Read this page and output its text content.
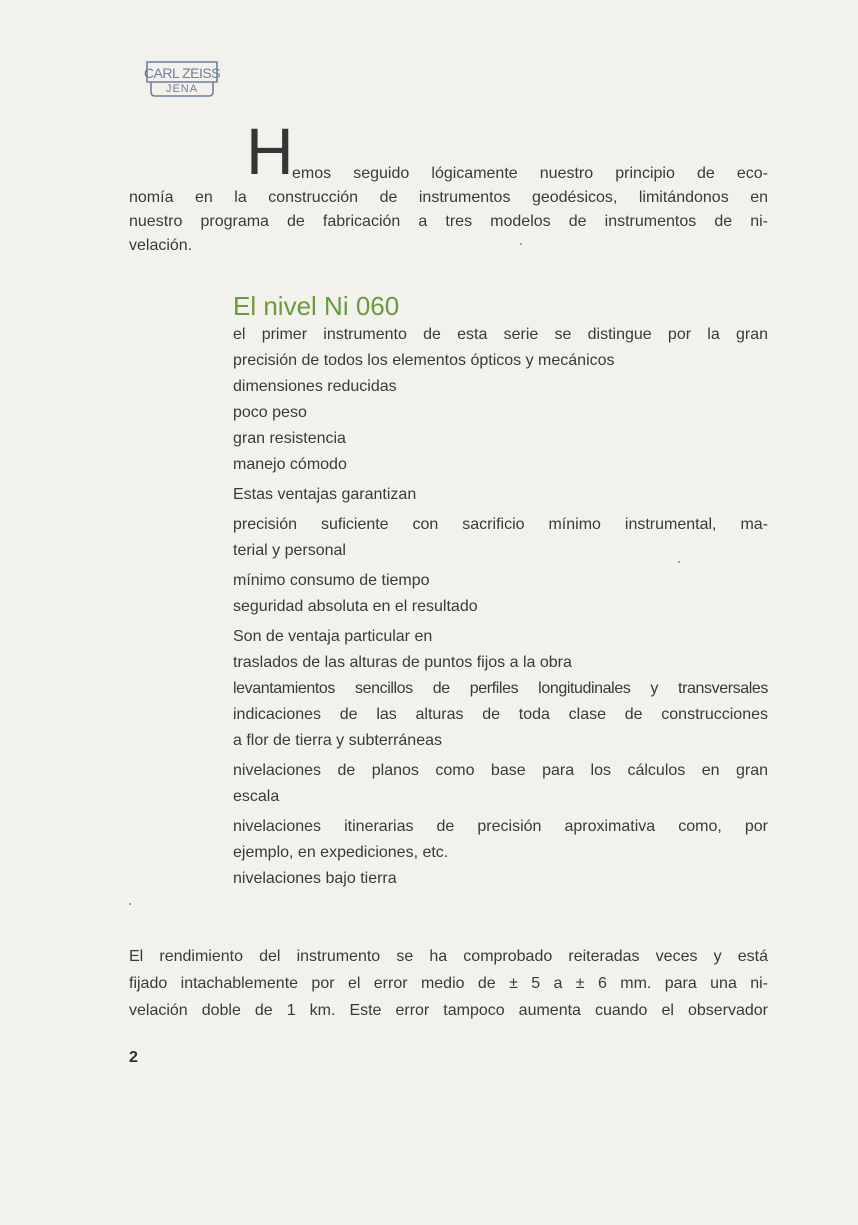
CARL ZEISS
JENA
H
emos seguido lógicamente nuestro principio de eco-
nomía en la construcción de instrumentos geodésicos, limitándonos en
nuestro programa de fabricación a tres modelos de instrumentos de ni-
velación.
El nivel Ni 060
el primer instrumento de esta serie se distingue por la gran
precisión de todos los elementos ópticos y mecánicos
dimensiones reducidas
poco peso
gran resistencia
manejo cómodo
Estas ventajas garantizan
precisión suficiente con sacrificio mínimo instrumental, ma-
terial y personal
mínimo consumo de tiempo
seguridad absoluta en el resultado
Son de ventaja particular en
traslados de las alturas de puntos fijos a la obra
levantamientos sencillos de perfiles longitudinales y transversales
indicaciones de las alturas de toda clase de construcciones
a flor de tierra y subterráneas
nivelaciones de planos como base para los cálculos en gran
escala
nivelaciones itinerarias de precisión aproximativa como, por
ejemplo, en expediciones, etc.
nivelaciones bajo tierra
El rendimiento del instrumento se ha comprobado reiteradas veces y está
fijado intachablemente por el error medio de ± 5 a ± 6 mm. para una ni-
velación doble de 1 km. Este error tampoco aumenta cuando el observador
2
